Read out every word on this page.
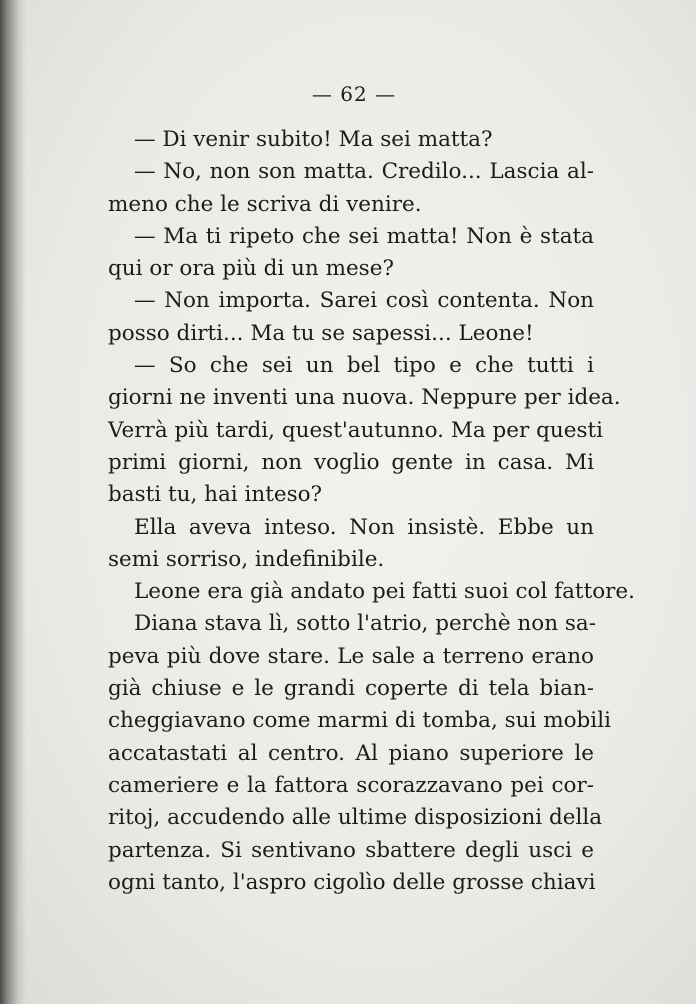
— 62 —
— Di venir subito! Ma sei matta?
— No, non son matta. Credilo... Lascia al-
meno che le scriva di venire.
— Ma ti ripeto che sei matta! Non è stata
qui or ora più di un mese?
— Non importa. Sarei così contenta. Non
posso dirti... Ma tu se sapessi... Leone!
— So che sei un bel tipo e che tutti i
giorni ne inventi una nuova. Neppure per idea.
Verrà più tardi, quest'autunno. Ma per questi
primi giorni, non voglio gente in casa. Mi
basti tu, hai inteso?
Ella aveva inteso. Non insistè. Ebbe un
semi sorriso, indefinibile.
Leone era già andato pei fatti suoi col fattore.
Diana stava lì, sotto l'atrio, perchè non sa-
peva più dove stare. Le sale a terreno erano
già chiuse e le grandi coperte di tela bian-
cheggiavano come marmi di tomba, sui mobili
accatastati al centro. Al piano superiore le
cameriere e la fattora scorazzavano pei cor-
ritoj, accudendo alle ultime disposizioni della
partenza. Si sentivano sbattere degli usci e
ogni tanto, l'aspro cigolìo delle grosse chiavi
